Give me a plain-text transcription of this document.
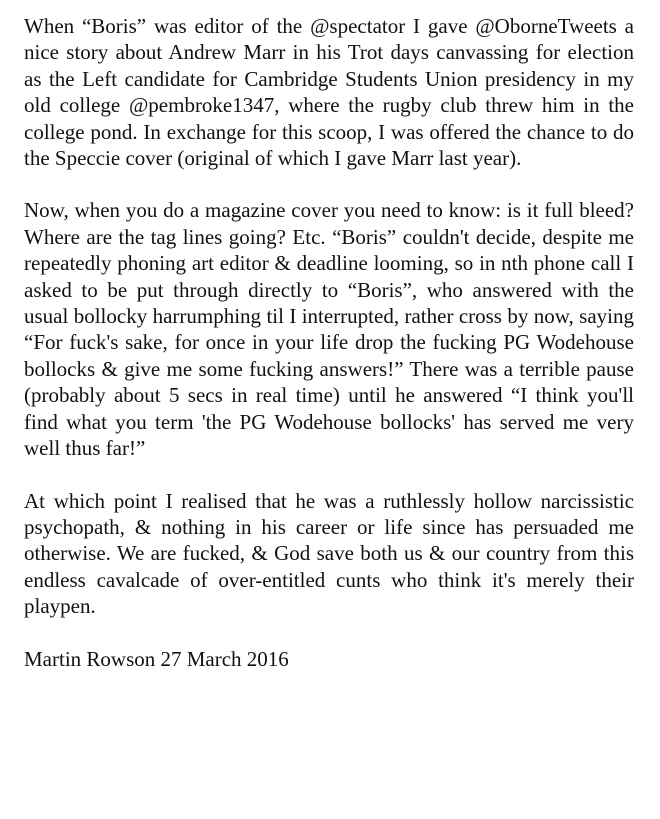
When “Boris” was editor of the @spectator I gave @OborneTweets a nice story about Andrew Marr in his Trot days canvassing for election as the Left candidate for Cambridge Students Union presidency in my old college @pembroke1347, where the rugby club threw him in the college pond. In exchange for this scoop, I was offered the chance to do the Speccie cover (original of which I gave Marr last year).

Now, when you do a magazine cover you need to know: is it full bleed? Where are the tag lines going? Etc. “Boris” couldn't decide, despite me repeatedly phoning art editor & deadline looming, so in nth phone call I asked to be put through directly to “Boris”, who answered with the usual bollocky harrumphing til I interrupted, rather cross by now, saying “For fuck's sake, for once in your life drop the fucking PG Wodehouse bollocks & give me some fucking answers!” There was a terrible pause (probably about 5 secs in real time) until he answered “I think you'll find what you term 'the PG Wodehouse bollocks' has served me very well thus far!”

At which point I realised that he was a ruthlessly hollow narcissistic psychopath, & nothing in his career or life since has persuaded me otherwise. We are fucked, & God save both us & our country from this endless cavalcade of over-entitled cunts who think it's merely their playpen.

Martin Rowson 27 March 2016
